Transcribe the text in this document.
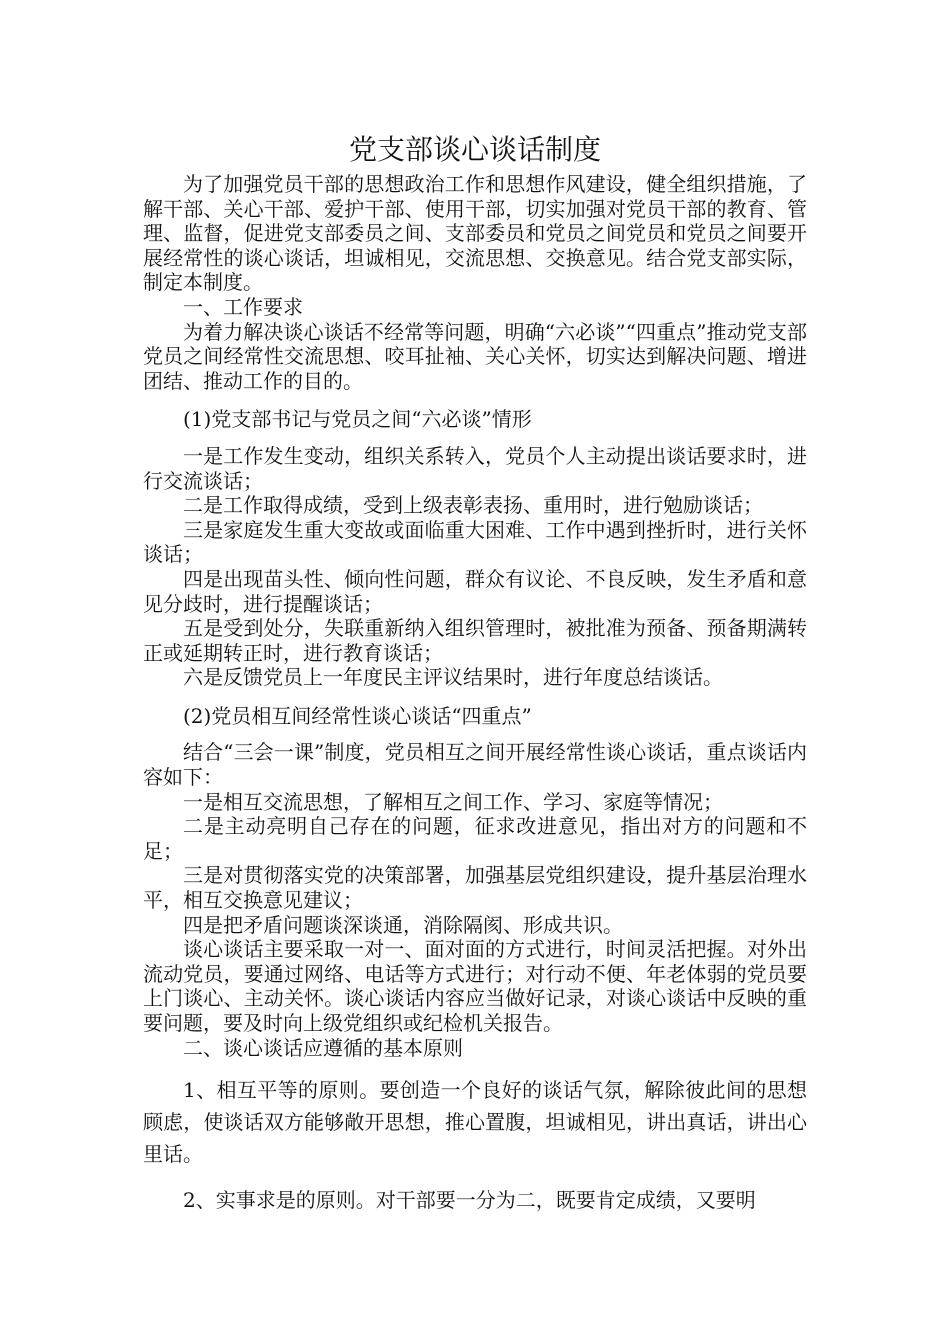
党支部谈心谈话制度

为了加强党员干部的思想政治工作和思想作风建设，健全组织措施，了解干部、关心干部、爱护干部、使用干部，切实加强对党员干部的教育、管理、监督，促进党支部委员之间、支部委员和党员之间党员和党员之间要开展经常性的谈心谈话，坦诚相见，交流思想、交换意见。结合党支部实际，制定本制度。

一、工作要求

为着力解决谈心谈话不经常等问题，明确“六必谈”“四重点”推动党支部党员之间经常性交流思想、咬耳扯袖、关心关怀，切实达到解决问题、增进团结、推动工作的目的。

(1)党支部书记与党员之间“六必谈”情形

一是工作发生变动，组织关系转入，党员个人主动提出谈话要求时，进行交流谈话；

二是工作取得成绩，受到上级表彰表扬、重用时，进行勉励谈话；

三是家庭发生重大变故或面临重大困难、工作中遇到挫折时，进行关怀谈话；

四是出现苗头性、倾向性问题，群众有议论、不良反映，发生矛盾和意见分歧时，进行提醒谈话；

五是受到处分，失联重新纳入组织管理时，被批准为预备、预备期满转正或延期转正时，进行教育谈话；

六是反馈党员上一年度民主评议结果时，进行年度总结谈话。

(2)党员相互间经常性谈心谈话“四重点”

结合“三会一课”制度，党员相互之间开展经常性谈心谈话，重点谈话内容如下：

一是相互交流思想，了解相互之间工作、学习、家庭等情况；

二是主动亮明自己存在的问题，征求改进意见，指出对方的问题和不足；

三是对贯彻落实党的决策部署，加强基层党组织建设，提升基层治理水平，相互交换意见建议；

四是把矛盾问题谈深谈通，消除隔阂、形成共识。

谈心谈话主要采取一对一、面对面的方式进行，时间灵活把握。对外出流动党员，要通过网络、电话等方式进行；对行动不便、年老体弱的党员要上门谈心、主动关怀。谈心谈话内容应当做好记录，对谈心谈话中反映的重要问题，要及时向上级党组织或纪检机关报告。

二、谈心谈话应遵循的基本原则

1、相互平等的原则。要创造一个良好的谈话气氛，解除彼此间的思想顾虑，使谈话双方能够敞开思想，推心置腹，坦诚相见，讲出真话，讲出心里话。

2、实事求是的原则。对干部要一分为二，既要肯定成绩，又要明
